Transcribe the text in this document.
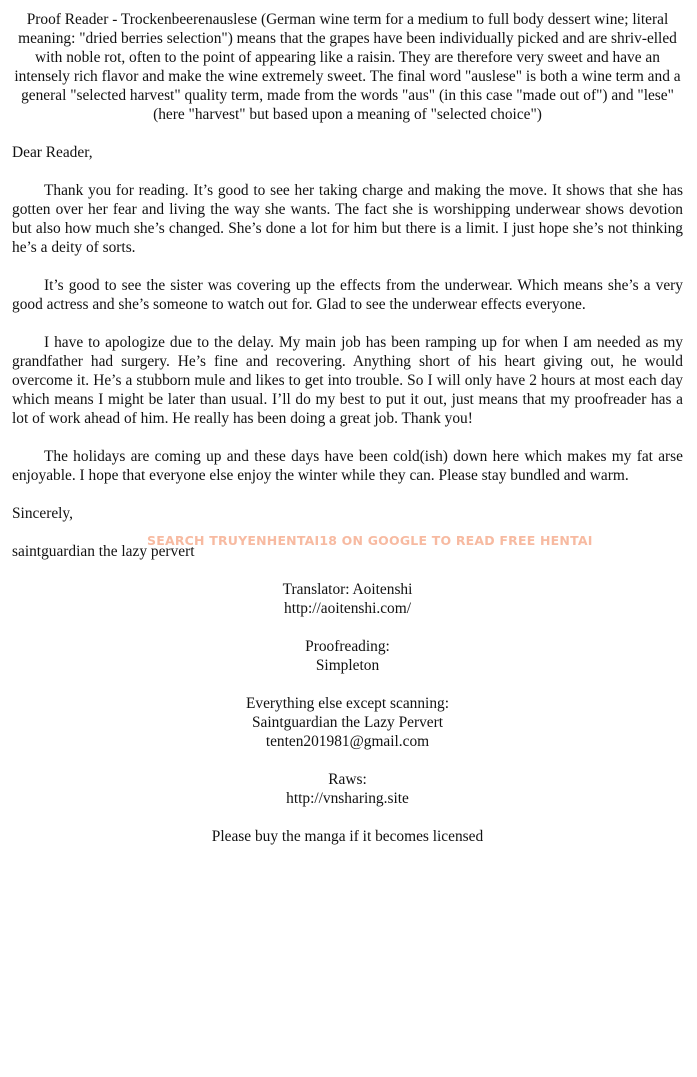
Proof Reader - Trockenbeerenauslese (German wine term for a medium to full body dessert wine; literal meaning: "dried berries selection") means that the grapes have been individually picked and are shriv-elled with noble rot, often to the point of appearing like a raisin. They are therefore very sweet and have an intensely rich flavor and make the wine extremely sweet. The final word "auslese" is both a wine term and a general "selected harvest" quality term, made from the words "aus" (in this case "made out of") and "lese" (here "harvest" but based upon a meaning of "selected choice")

Dear Reader,

Thank you for reading. It’s good to see her taking charge and making the move. It shows that she has gotten over her fear and living the way she wants. The fact she is worshipping underwear shows devotion but also how much she’s changed. She’s done a lot for him but there is a limit. I just hope she’s not thinking he’s a deity of sorts.

It’s good to see the sister was covering up the effects from the underwear. Which means she’s a very good actress and she’s someone to watch out for. Glad to see the underwear effects everyone.

I have to apologize due to the delay. My main job has been ramping up for when I am needed as my grandfather had surgery. He’s fine and recovering. Anything short of his heart giving out, he would overcome it. He’s a stubborn mule and likes to get into trouble. So I will only have 2 hours at most each day which means I might be later than usual. I’ll do my best to put it out, just means that my proofreader has a lot of work ahead of him. He really has been doing a great job. Thank you!

The holidays are coming up and these days have been cold(ish) down here which makes my fat arse enjoyable. I hope that everyone else enjoy the winter while they can. Please stay bundled and warm.

Sincerely,

saintguardian the lazy pervert

Translator: Aoitenshi

http://aoitenshi.com/

Proofreading:

Simpleton

Everything else except scanning:

Saintguardian the Lazy Pervert

tenten201981@gmail.com

Raws:

http://vnsharing.site

Please buy the manga if it becomes licensed

SEARCH TRUYENHENTAI18 ON GOOGLE TO READ FREE HENTAI
